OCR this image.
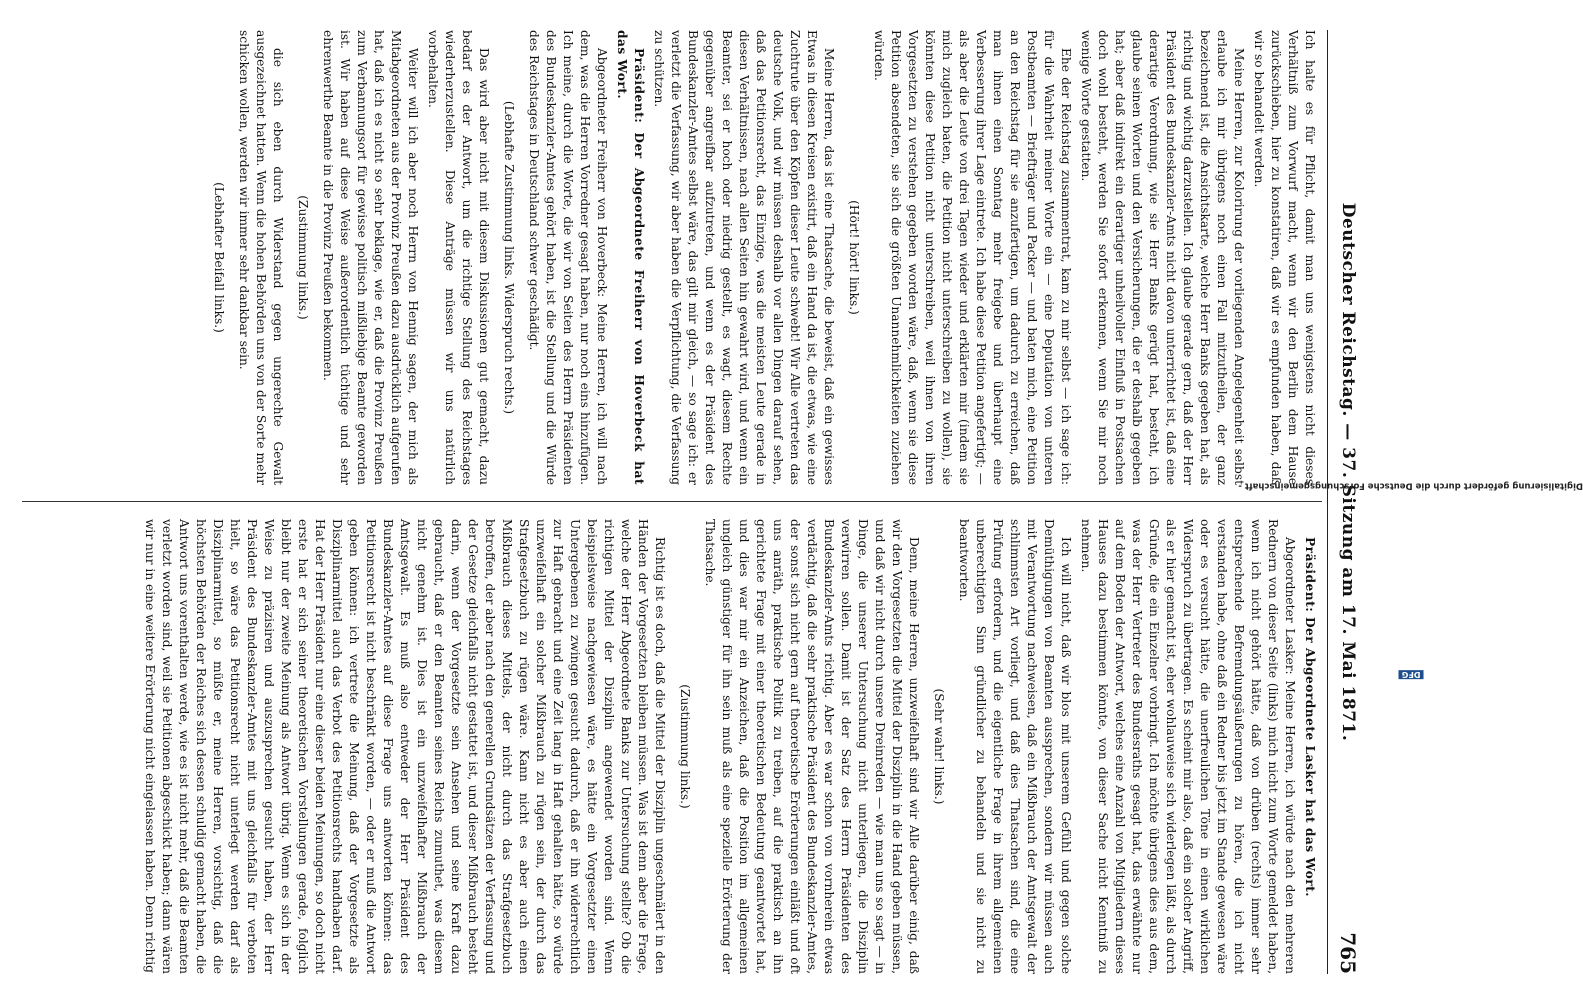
Deutscher Reichstag. — 37. Sitzung am 17. Mai 1871.
765

Ich halte es für Pflicht, damit man uns wenigstens nicht dieses Verhältniß zum Vorwurf macht, wenn wir den Berlin dem Hause zurückschieben, hier zu konstatiren, daß wir es empfunden haben, daß wir so behandelt werden.

Meine Herren, zur Kolorirung der vorliegenden Angelegenheit selbst erlaube ich mir übrigens noch einen Fall mitzutheilen, der ganz bezeichnend ist, die Ansichtskarte, welche Herr Banks gegeben hat, als richtig und wichtig darzustellen. Ich glaube gerade gern, daß der Herr Präsident des Bundeskanzler-Amts nicht davon unterrichtet ist, daß eine derartige Verordnung, wie sie Herr Banks gerügt hat, besteht, ich glaube seinen Worten und den Versicherungen, die er deshalb gegeben hat; aber daß indirekt ein derartiger unheilvoller Einfluß in Postsachen doch wohl besteht, werden Sie sofort erkennen, wenn Sie mir noch wenige Worte gestatten.

Ehe der Reichstag zusammentrat, kam zu mir selbst — ich sage ich: für die Wahrheit meiner Worte ein — eine Deputation von unteren Postbeamten — Briefträger und Packer — und baten mich, eine Petition an den Reichstag für sie anzufertigen, um dadurch zu erreichen, daß man ihnen einen Sonntag mehr freigebe und überhaupt eine Verbesserung ihrer Lage eintrete. Ich habe diese Petition angefertigt; — als aber die Leute von drei Tagen wieder und erklärten mir (indem sie mich zugleich baten, die Petition nicht unterschreiben zu wollen), sie könnten diese Petition nicht unterschreiben, weil ihnen von ihren Vorgesetzten zu verstehen gegeben worden wäre, daß, wenn sie diese Petition absendeten, sie sich die größten Unannehmlichkeiten zuziehen würden.

(Hört! hört! links.)

Meine Herren, das ist eine Thatsache, die beweist, daß ein gewisses Etwas in diesen Kreisen existirt, daß ein Hand da ist, die etwas, wie eine Zuchtrute über den Köpfen dieser Leute schwebt! Wir Alle vertreten das deutsche Volk, und wir müssen deshalb vor allen Dingen darauf sehen, daß das Petitionsrecht, das Einzige, was die meisten Leute gerade in diesen Verhältnissen, nach allen Seiten hin gewahrt wird, und wenn ein Beamter, sei er hoch oder niedrig gestellt, es wagt, diesem Rechte gegenüber angreifbar aufzutreten, und wenn es der Präsident des Bundeskanzler-Amtes selbst wäre, das gilt mir gleich, — so sage ich: er verletzt die Verfassung, wir aber haben die Verpflichtung, die Verfassung zu schützen.

Präsident: Der Abgeordnete Freiherr von Hoverbeck hat das Wort.

Abgeordneter Freiherr von Hoverbeck: Meine Herren, ich will nach dem, was die Herren Vorredner gesagt haben, nur noch eins hinzufügen. Ich meine, durch die Worte, die wir von Seiten des Herrn Präsidenten des Bundeskanzler-Amtes gehört haben, ist die Stellung und die Würde des Reichstages in Deutschland schwer geschädigt.

(Lebhafte Zustimmung links. Widerspruch rechts.)

Das wird aber nicht mit diesem Diskussionen gut gemacht, dazu bedarf es der Antwort, um die richtige Stellung des Reichstages wiederherzustellen. Diese Anträge müssen wir uns natürlich vorbehalten.

Weiter will ich aber noch Herrn von Hennig sagen, der mich als Mitabgeordneten aus der Provinz Preußen dazu ausdrücklich aufgerufen hat, daß ich es nicht so sehr beklage, wie er, daß die Provinz Preußen zum Verbannungsort für gewisse politisch mißliebige Beamte geworden ist. Wir haben auf diese Weise außerordentlich tüchtige und sehr ehrenwerthe Beamte in die Provinz Preußen bekommen.

(Zustimmung links.)

die sich eben durch Widerstand gegen ungerechte Gewalt ausgezeichnet hatten. Wenn die hohen Behörden uns von der Sorte mehr schicken wollen, werden wir immer sehr dankbar sein.

(Lebhafter Beifall links.)

Präsident: Der Abgeordnete Lasker hat das Wort.

Abgeordneter Lasker: Meine Herren, ich würde nach den mehreren Rednern von dieser Seite (links) mich nicht zum Worte gemeldet haben, wenn ich nicht gehört hätte, daß von drüben (rechts) immer sehr entsprechende Befremdungsäußerungen zu hören, die ich nicht verstanden habe, ohne daß ein Redner bis jetzt im Stande gewesen wäre oder es versucht hätte, die unerfreulichen Töne in einen wirklichen Widerspruch zu übertragen. Es scheint mir also, daß ein solcher Angriff, als er hier gemacht ist, eher wohlauweise sich widerlegen läßt, als durch Gründe, die ein Einzelner vorbringt. Ich möchte übrigens dies aus dem, was der Herr Vertreter des Bundesraths gesagt hat, das erwähnte nur auf dem Boden der Antwort, welches eine Anzahl von Mitgliedern dieses Hauses dazu bestimmen könnte, von dieser Sache nicht Kenntniß zu nehmen.

Ich will nicht, daß wir blos mit unserem Gefühl und gegen solche Demüthigungen von Beamten aussprechen, sondern wir müssen auch mit Verantwortung nachweisen, daß ein Mißbrauch der Amtsgewalt der schlimmsten Art vorliegt, und daß dies Thatsachen sind, die eine Prüfung erfordern, und die eigentliche Frage in ihrem allgemeinen unberechtigten Sinn gründlicher zu behandeln und sie nicht zu beantworten.

(Sehr wahr! links.)

Denn, meine Herren, unzweifelhaft sind wir Alle darüber einig, daß wir den Vorgesetzten die Mittel der Disziplin in die Hand geben müssen, und daß wir nicht durch unsere Dreinreden — wie man uns so sagt — in Dinge, die unserer Untersuchung nicht unterliegen, die Disziplin verwirren sollen. Damit ist der Satz des Herrn Präsidenten des Bundeskanzler-Amts richtig. Aber es war schon von vornherein etwas verdächtig, daß die sehr praktische Präsident des Bundeskanzler-Amtes, der sonst sich nicht gern auf theoretische Erörterungen einläßt und oft uns anräth, praktische Politik zu treiben, auf die praktisch an ihn gerichtete Frage mit einer theoretischen Bedeutung geantwortet hat, und dies war mir ein Anzeichen, daß die Position im allgemeinen ungleich günstiger für ihn sein muß als eine spezielle Erörterung der Thatsache.

(Zustimmung links.)

Richtig ist es doch, daß die Mittel der Disziplin ungeschmälert in den Händen der Vorgesetzten bleiben müssen. Was ist denn aber die Frage, welche der Herr Abgeordnete Banks zur Untersuchung stellte? Ob die richtigen Mittel der Disziplin angewendet worden sind. Wenn beispielsweise nachgewiesen wäre, es hätte ein Vorgesetzter einen Untergebenen zu zwingen gesucht dadurch, daß er ihn widerrechtlich zur Haft gebracht und eine Zeit lang in Haft gehalten hätte, so würde unzweifelhaft ein solcher Mißbrauch zu rügen sein, der durch das Strafgesetzbuch zu rügen wäre. Kann nicht es aber auch einen Mißbrauch dieses Mittels, der nicht durch das Strafgesetzbuch betroffen, der aber nach den generellen Grundsätzen der Verfassung und der Gesetze gleichfalls nicht gestattet ist, und dieser Mißbrauch besteht darin, wenn der Vorgesetzte sein Ansehen und seine Kraft dazu gebraucht, daß er den Beamten seines Reichs zumuthet, was diesem nicht genehm ist. Dies ist ein unzweifelhafter Mißbrauch der Amtsgewalt. Es muß also entweder der Herr Präsident des Bundeskanzler-Amtes auf diese Frage uns antworten können: das Petitionsrecht ist nicht beschränkt worden, — oder er muß die Antwort geben können: ich vertrete die Meinung, daß der Vorgesetzte als Disziplinarmittel auch das Verbot des Petitionsrechts handhaben darf. Hat der Herr Präsident nur eine dieser beiden Meinungen, so doch nicht erste hat er sich seiner theoretischen Vorstellungen gerade, folglich bleibt nur der zweite Meinung als Antwort übrig. Wenn es sich in der Weise zu präzisiren und auszusprechen gesucht haben, der Herr Präsident des Bundeskanzler-Amtes mit uns gleichfalls für verboten hielt, so wäre das Petitionsrecht nicht unterlegt werden darf als Disziplinarmittel, so müßte er, meine Herren, vorsichtig, daß die höchsten Behörden der Reiches sich dessen schuldig gemacht haben, die Antwort uns vorenthalten werde, wie es ist nicht mehr, daß die Beamten verletzt worden sind, weil sie Petitionen abgeschickt haben; dann wären wir nur in eine weitere Erörterung nicht eingelassen haben. Denn richtig

Digitalisierung gefördert durch die Deutsche Forschungsgemeinschaft -DFG
